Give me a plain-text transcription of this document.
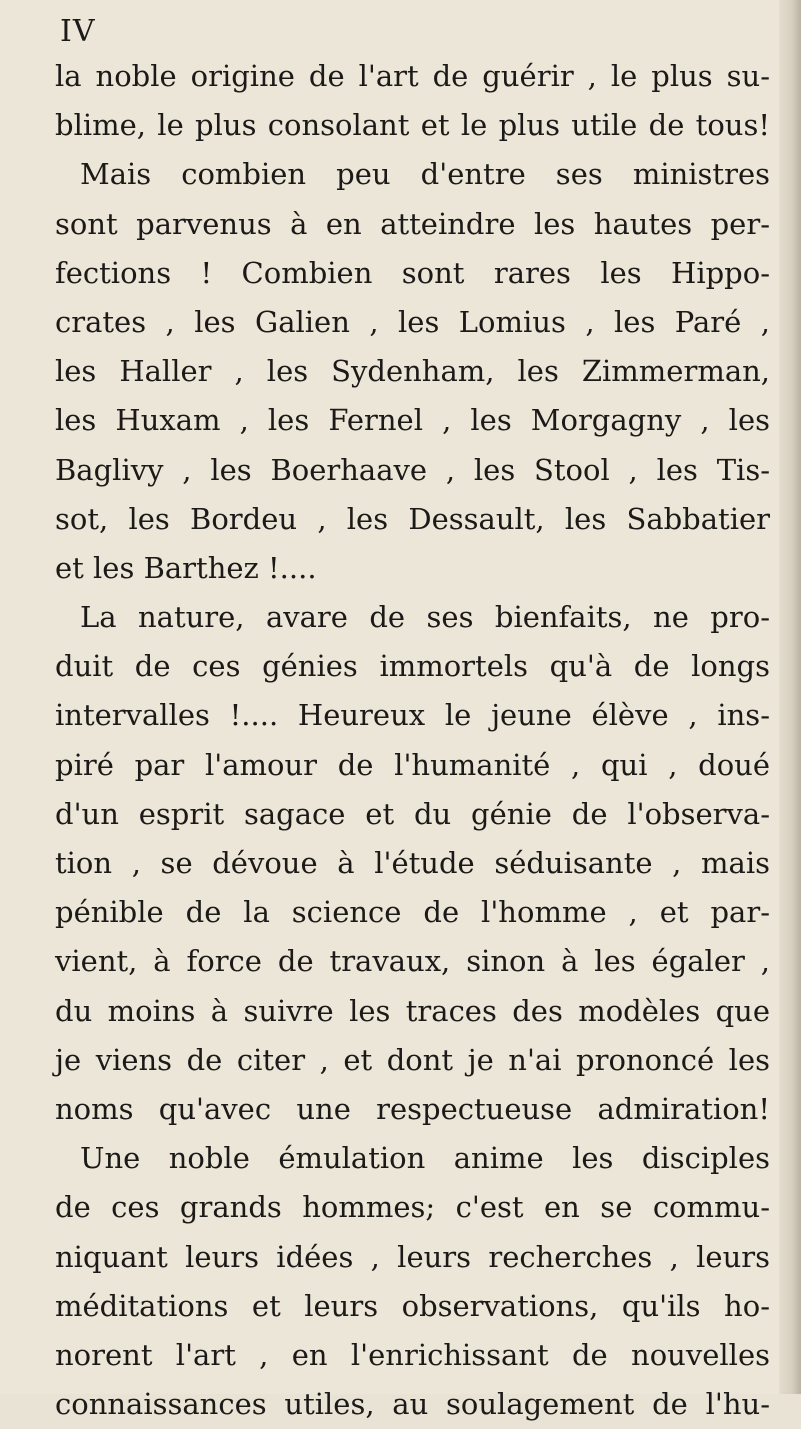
IV
la noble origine de l'art de guérir , le plus su-
blime, le plus consolant et le plus utile de tous!
Mais combien peu d'entre ses ministres
sont parvenus à en atteindre les hautes per-
fections ! Combien sont rares les Hippo-
crates , les Galien , les Lomius , les Paré ,
les Haller , les Sydenham, les Zimmerman,
les Huxam , les Fernel , les Morgagny , les
Baglivy , les Boerhaave , les Stool , les Tis-
sot, les Bordeu , les Dessault, les Sabbatier
et les Barthez !....
La nature, avare de ses bienfaits, ne pro-
duit de ces génies immortels qu'à de longs
intervalles !.... Heureux le jeune élève , ins-
piré par l'amour de l'humanité , qui , doué
d'un esprit sagace et du génie de l'observa-
tion , se dévoue à l'étude séduisante , mais
pénible de la science de l'homme , et par-
vient, à force de travaux, sinon à les égaler ,
du moins à suivre les traces des modèles que
je viens de citer , et dont je n'ai prononcé les
noms qu'avec une respectueuse admiration!
Une noble émulation anime les disciples
de ces grands hommes; c'est en se commu-
niquant leurs idées , leurs recherches , leurs
méditations et leurs observations, qu'ils ho-
norent l'art , en l'enrichissant de nouvelles
connaissances utiles, au soulagement de l'hu-
